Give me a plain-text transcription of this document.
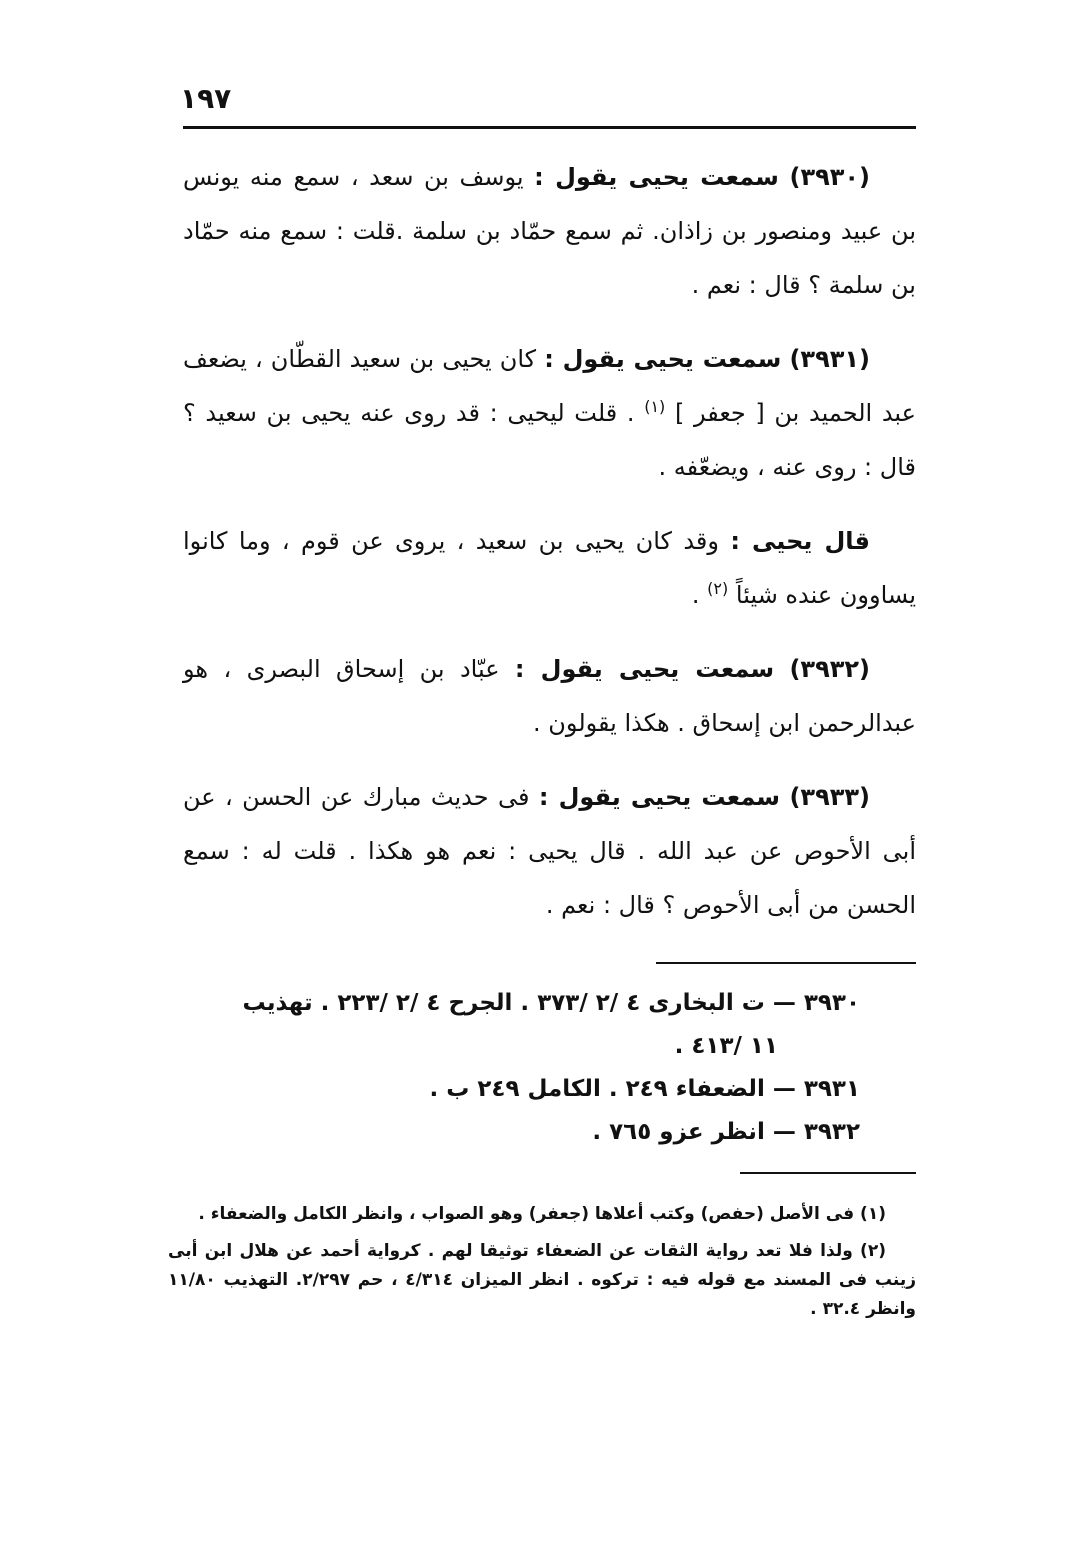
١٩٧

(٣٩٣٠) سمعت يحيى يقول : يوسف بن سعد ، سمع منه يونس بن عبيد ومنصور بن زاذان. ثم سمع حمّاد بن سلمة .قلت : سمع منه حمّاد بن سلمة ؟ قال : نعم .

(٣٩٣١) سمعت يحيى يقول : كان يحيى بن سعيد القطّان ، يضعف عبد الحميد بن [ جعفر ] $^{(١)}$ . قلت ليحيى : قد روى عنه يحيى بن سعيد ؟ قال : روى عنه ، ويضعّفه .

قال يحيى : وقد كان يحيى بن سعيد ، يروى عن قوم ، وما كانوا يساوون عنده شيئاً $^{(٢)}$ .

(٣٩٣٢) سمعت يحيى يقول : عبّاد بن إسحاق البصرى ، هو عبدالرحمن ابن إسحاق . هكذا يقولون .

(٣٩٣٣) سمعت يحيى يقول : فى حديث مبارك عن الحسن ، عن أبى الأحوص عن عبد الله . قال يحيى : نعم هو هكذا . قلت له : سمع الحسن من أبى الأحوص ؟ قال : نعم .

٣٩٣٠ — ت البخارى ٤ /٢ /٣٧٣ . الجرح ٤ /٢ /٢٢٣ . تهذيب
١١ /٤١٣ .
٣٩٣١ — الضعفاء ٢٤٩ . الكامل ٢٤٩ ب .
٣٩٣٢ — انظر عزو ٧٦٥ .

(١) فى الأصل (حفص) وكتب أعلاها (جعفر) وهو الصواب ، وانظر الكامل والضعفاء .

(٢) ولذا فلا تعد رواية الثقات عن الضعفاء توثيقا لهم . كرواية أحمد عن هلال ابن أبى زينب فى المسند مع قوله فيه : تركوه . انظر الميزان ٤/٣١٤ ، حم ٢/٢٩٧. التهذيب ١١/٨٠ وانظر ٣٢.٤ .
